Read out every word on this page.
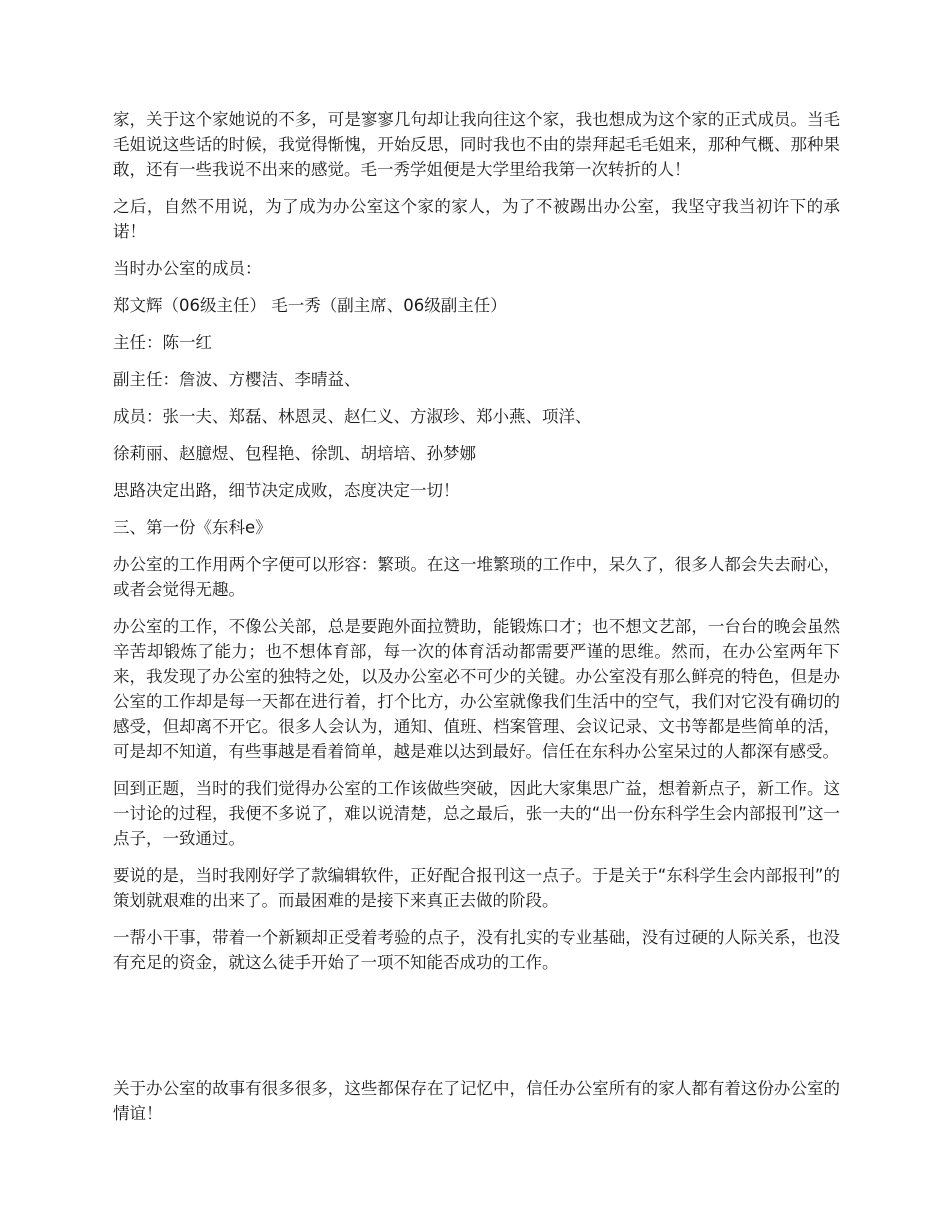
家，关于这个家她说的不多，可是寥寥几句却让我向往这个家，我也想成为这个家的正式成员。当毛毛姐说这些话的时候，我觉得惭愧，开始反思，同时我也不由的崇拜起毛毛姐来，那种气概、那种果敢，还有一些我说不出来的感觉。毛一秀学姐便是大学里给我第一次转折的人！

之后，自然不用说，为了成为办公室这个家的家人，为了不被踢出办公室，我坚守我当初许下的承诺！

当时办公室的成员：

郑文辉（06级主任） 毛一秀（副主席、06级副主任）

主任：陈一红

副主任：詹波、方樱洁、李晴益、

成员：张一夫、郑磊、林恩灵、赵仁义、方淑珍、郑小燕、项洋、

徐莉丽、赵臆煜、包程艳、徐凯、胡培培、孙梦娜

思路决定出路，细节决定成败，态度决定一切！

三、第一份《东科e》

办公室的工作用两个字便可以形容：繁琐。在这一堆繁琐的工作中，呆久了，很多人都会失去耐心，或者会觉得无趣。

办公室的工作，不像公关部，总是要跑外面拉赞助，能锻炼口才；也不想文艺部，一台台的晚会虽然辛苦却锻炼了能力；也不想体育部，每一次的体育活动都需要严谨的思维。然而，在办公室两年下来，我发现了办公室的独特之处，以及办公室必不可少的关键。办公室没有那么鲜亮的特色，但是办公室的工作却是每一天都在进行着，打个比方，办公室就像我们生活中的空气，我们对它没有确切的感受，但却离不开它。很多人会认为，通知、值班、档案管理、会议记录、文书等都是些简单的活，可是却不知道，有些事越是看着简单，越是难以达到最好。信任在东科办公室呆过的人都深有感受。

回到正题，当时的我们觉得办公室的工作该做些突破，因此大家集思广益，想着新点子，新工作。这一讨论的过程，我便不多说了，难以说清楚，总之最后，张一夫的“出一份东科学生会内部报刊”这一点子，一致通过。

要说的是，当时我刚好学了款编辑软件，正好配合报刊这一点子。于是关于“东科学生会内部报刊”的策划就艰难的出来了。而最困难的是接下来真正去做的阶段。

一帮小干事，带着一个新颖却正受着考验的点子，没有扎实的专业基础，没有过硬的人际关系，也没有充足的资金，就这么徒手开始了一项不知能否成功的工作。

关于办公室的故事有很多很多，这些都保存在了记忆中，信任办公室所有的家人都有着这份办公室的情谊！
